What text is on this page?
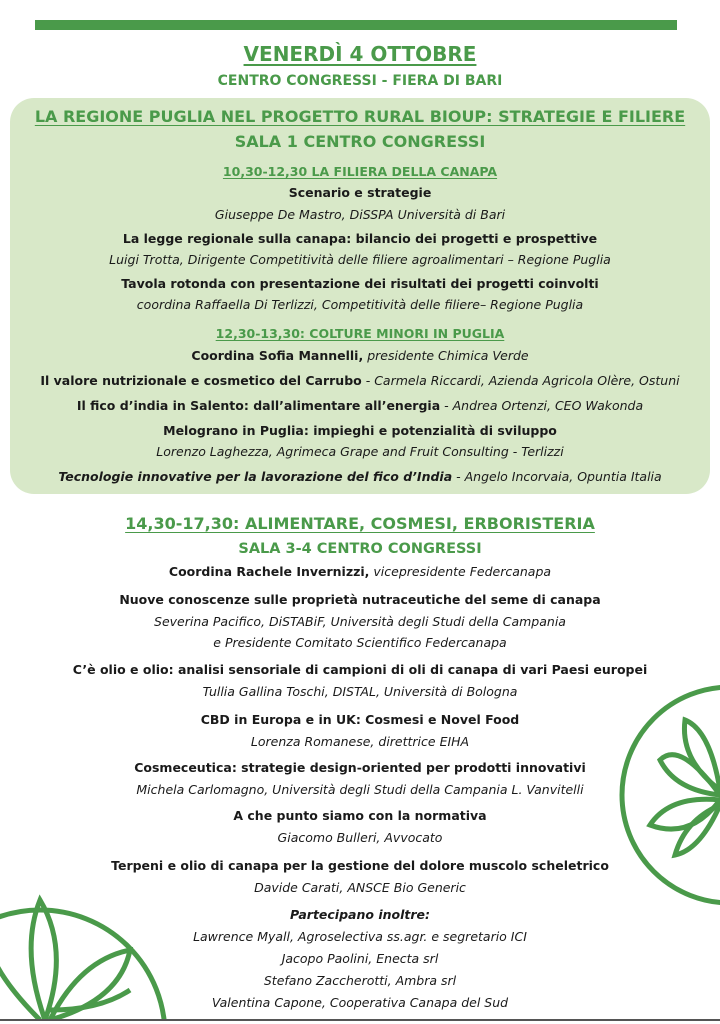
VENERDÌ 4 OTTOBRE
CENTRO CONGRESSI - FIERA DI BARI
LA REGIONE PUGLIA NEL PROGETTO RURAL BIOUP: STRATEGIE E FILIERE
SALA 1 CENTRO CONGRESSI
10,30-12,30 LA FILIERA DELLA CANAPA
Scenario e strategie
Giuseppe De Mastro, DiSSPA Università di Bari
La legge regionale sulla canapa: bilancio dei progetti e prospettive
Luigi Trotta, Dirigente Competitività delle filiere agroalimentari – Regione Puglia
Tavola rotonda con presentazione dei risultati dei progetti coinvolti
coordina Raffaella Di Terlizzi, Competitività delle filiere– Regione Puglia
12,30-13,30: COLTURE MINORI IN PUGLIA
Coordina Sofia Mannelli, presidente Chimica Verde
Il valore nutrizionale e cosmetico del Carrubo - Carmela Riccardi, Azienda Agricola Olère, Ostuni
Il fico d’india in Salento: dall’alimentare all’energia - Andrea Ortenzi, CEO Wakonda
Melograno in Puglia: impieghi e potenzialità di sviluppo
Lorenzo Laghezza, Agrimeca Grape and Fruit Consulting - Terlizzi
Tecnologie innovative per la lavorazione del fico d’India - Angelo Incorvaia, Opuntia Italia
14,30-17,30: ALIMENTARE, COSMESI, ERBORISTERIA
SALA 3-4 CENTRO CONGRESSI
Coordina Rachele Invernizzi, vicepresidente Federcanapa
Nuove conoscenze sulle proprietà nutraceutiche del seme di canapa
Severina Pacifico, DiSTABiF, Università degli Studi della Campania
e Presidente Comitato Scientifico Federcanapa
C’è olio e olio: analisi sensoriale di campioni di oli di canapa di vari Paesi europei
Tullia Gallina Toschi, DISTAL, Università di Bologna
CBD in Europa e in UK: Cosmesi e Novel Food
Lorenza Romanese, direttrice EIHA
Cosmeceutica: strategie design-oriented per prodotti innovativi
Michela Carlomagno, Università degli Studi della Campania L. Vanvitelli
A che punto siamo con la normativa
Giacomo Bulleri, Avvocato
Terpeni e olio di canapa per la gestione del dolore muscolo scheletrico
Davide Carati, ANSCE Bio Generic
Partecipano inoltre:
Lawrence Myall, Agroselectiva ss.agr. e segretario ICI
Jacopo Paolini, Enecta srl
Stefano Zaccherotti, Ambra srl
Valentina Capone, Cooperativa Canapa del Sud
